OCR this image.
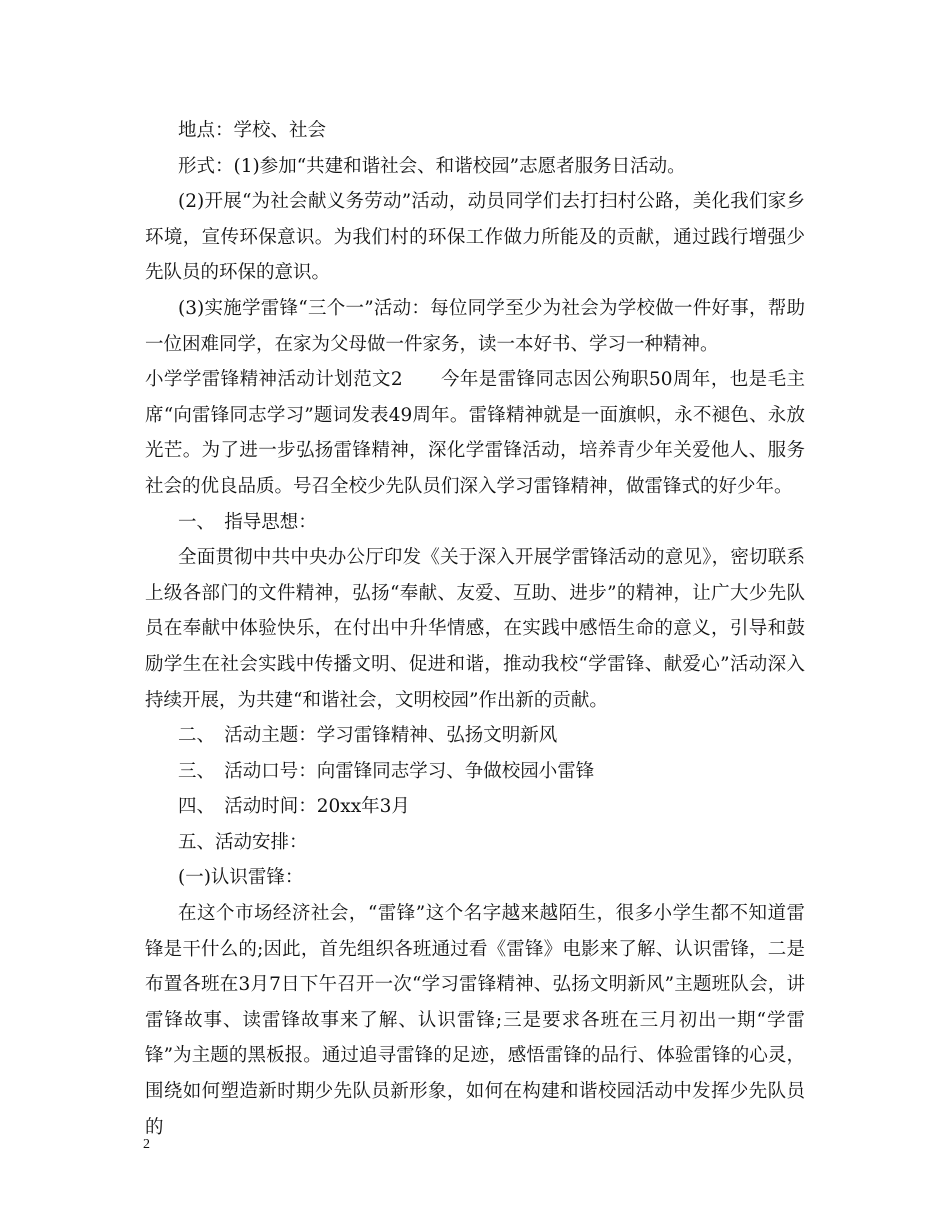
地点：学校、社会

形式：(1)参加“共建和谐社会、和谐校园”志愿者服务日活动。

(2)开展“为社会献义务劳动”活动，动员同学们去打扫村公路，美化我们家乡环境，宣传环保意识。为我们村的环保工作做力所能及的贡献，通过践行增强少先队员的环保的意识。

(3)实施学雷锋“三个一”活动：每位同学至少为社会为学校做一件好事，帮助一位困难同学，在家为父母做一件家务，读一本好书、学习一种精神。

小学学雷锋精神活动计划范文2　　今年是雷锋同志因公殉职50周年，也是毛主席“向雷锋同志学习”题词发表49周年。雷锋精神就是一面旗帜，永不褪色、永放光芒。为了进一步弘扬雷锋精神，深化学雷锋活动，培养青少年关爱他人、服务社会的优良品质。号召全校少先队员们深入学习雷锋精神，做雷锋式的好少年。

一、　指导思想：

全面贯彻中共中央办公厅印发《关于深入开展学雷锋活动的意见》，密切联系上级各部门的文件精神，弘扬“奉献、友爱、互助、进步”的精神，让广大少先队员在奉献中体验快乐，在付出中升华情感，在实践中感悟生命的意义，引导和鼓励学生在社会实践中传播文明、促进和谐，推动我校“学雷锋、献爱心”活动深入持续开展，为共建“和谐社会，文明校园”作出新的贡献。

二、　活动主题：学习雷锋精神、弘扬文明新风

三、　活动口号：向雷锋同志学习、争做校园小雷锋

四、　活动时间：20xx年3月

五、活动安排：

(一)认识雷锋：

在这个市场经济社会，“雷锋”这个名字越来越陌生，很多小学生都不知道雷锋是干什么的;因此，首先组织各班通过看《雷锋》电影来了解、认识雷锋，二是布置各班在3月7日下午召开一次“学习雷锋精神、弘扬文明新风”主题班队会，讲雷锋故事、读雷锋故事来了解、认识雷锋;三是要求各班在三月初出一期“学雷锋”为主题的黑板报。通过追寻雷锋的足迹，感悟雷锋的品行、体验雷锋的心灵，围绕如何塑造新时期少先队员新形象，如何在构建和谐校园活动中发挥少先队员的

2
